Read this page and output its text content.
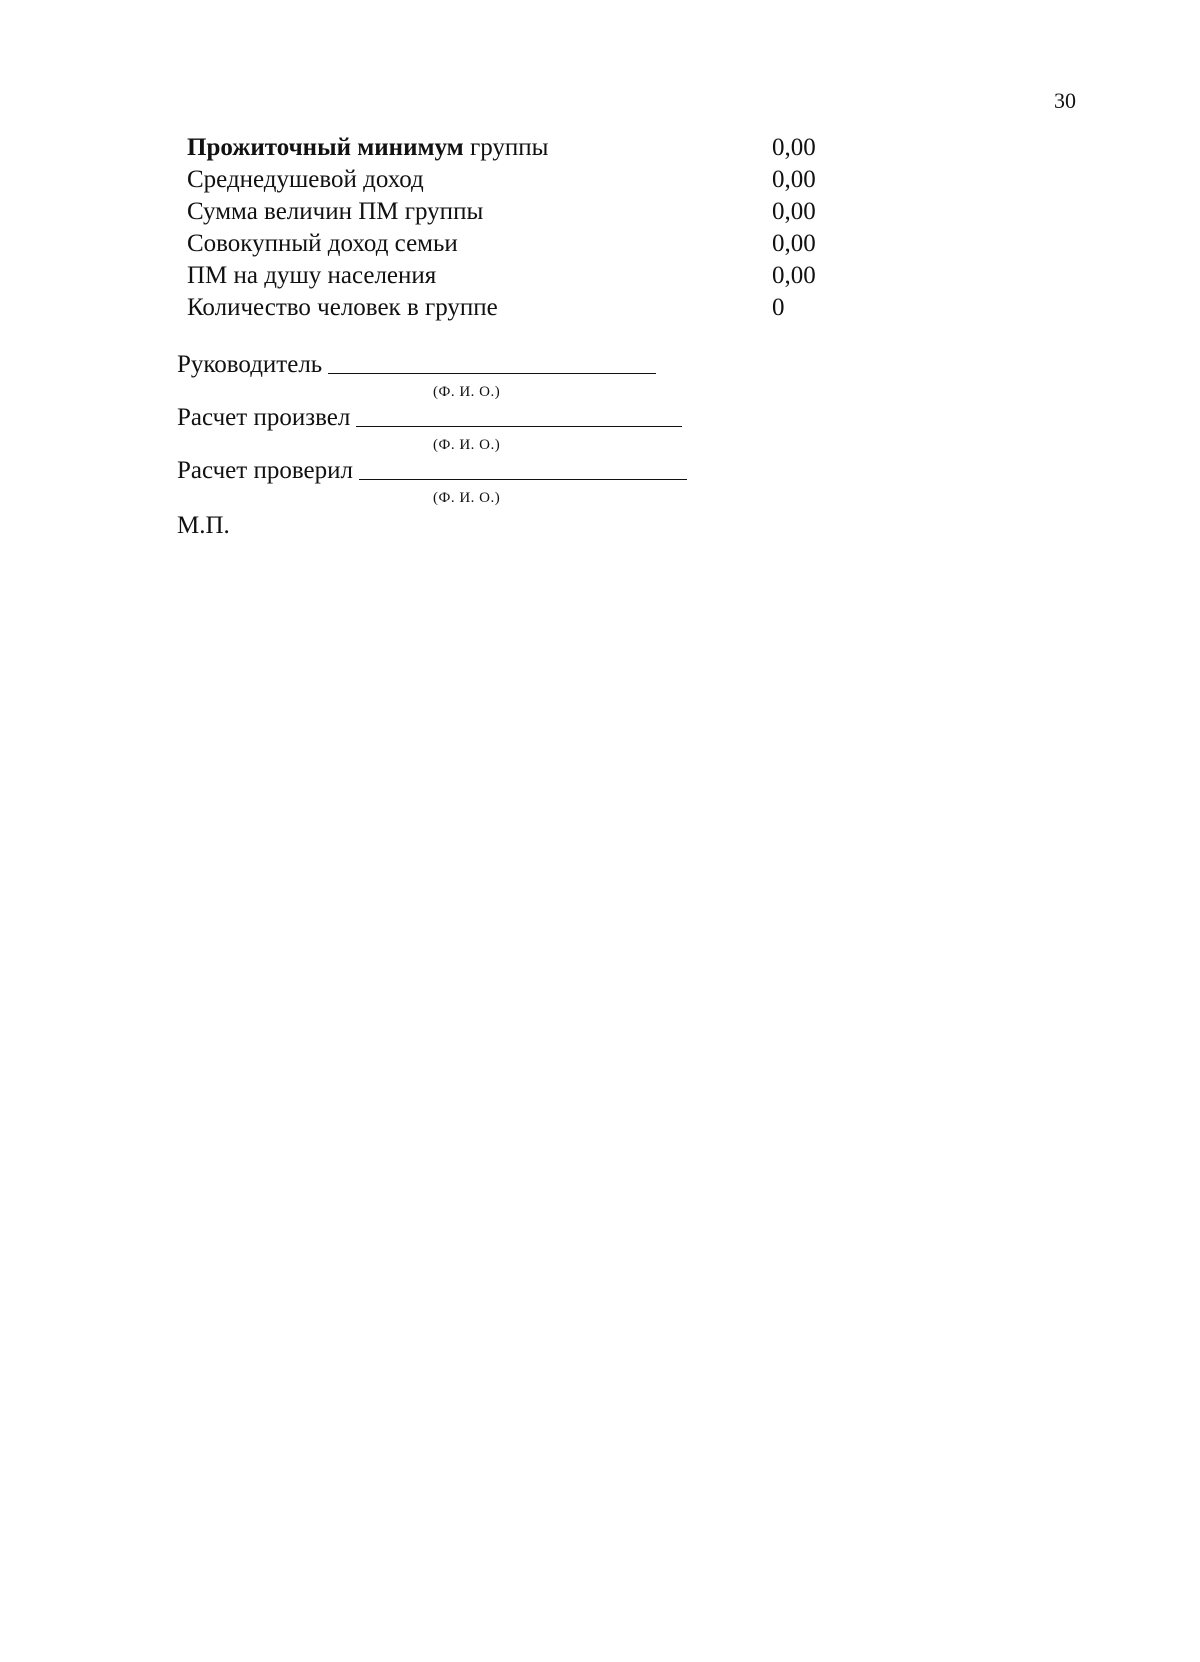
30
Прожиточный минимум группы	0,00
Среднедушевой доход	0,00
Сумма величин ПМ группы	0,00
Совокупный доход семьи	0,00
ПМ на душу населения	0,00
Количество человек в группе	0
Руководитель
(Ф. И. О.)
Расчет произвел
(Ф. И. О.)
Расчет проверил
(Ф. И. О.)
М.П.
